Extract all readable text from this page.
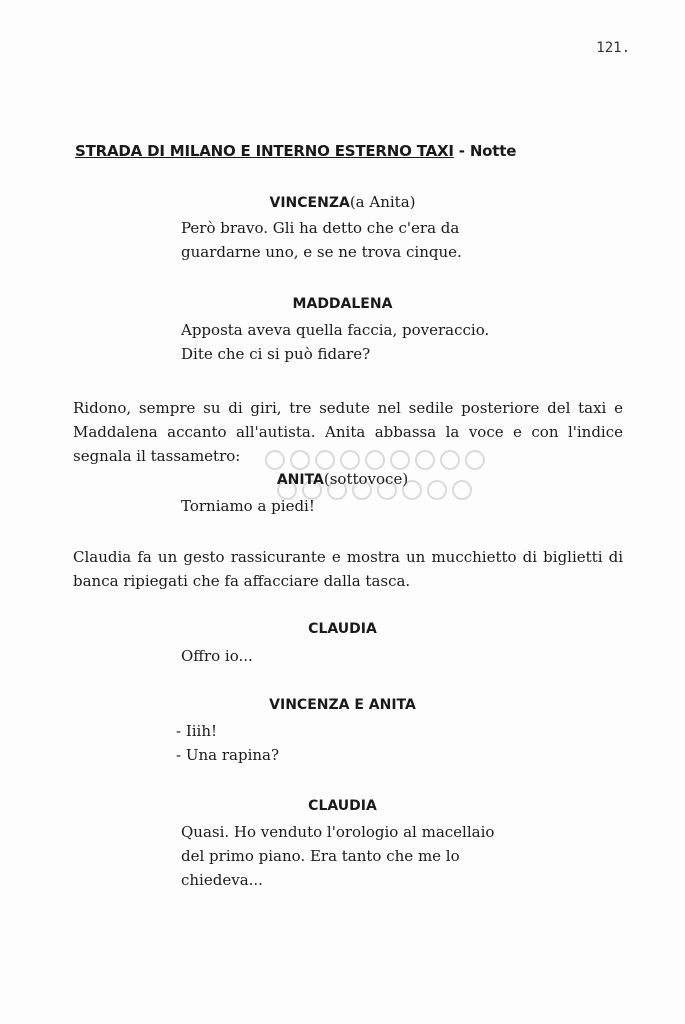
121.
STRADA DI MILANO E INTERNO ESTERNO TAXI - Notte
VINCENZA(a Anita)

Però bravo. Gli ha detto che c'era da

guardarne uno, e se ne trova cinque.

MADDALENA

Apposta aveva quella faccia, poveraccio.

Dite che ci si può fidare?

Ridono, sempre su di giri, tre sedute nel sedile posteriore del taxi e Maddalena accanto all'autista. Anita abbassa la voce e con l'indice segnala il tassametro:

ANITA(sottovoce)

Torniamo a piedi!

Claudia fa un gesto rassicurante e mostra un mucchietto di biglietti di banca ripiegati che fa affacciare dalla tasca.

CLAUDIA

Offro io...

VINCENZA E ANITA

- Iiih!

- Una rapina?

CLAUDIA

Quasi. Ho venduto l'orologio al macellaio

del primo piano. Era tanto che me lo

chiedeva...
